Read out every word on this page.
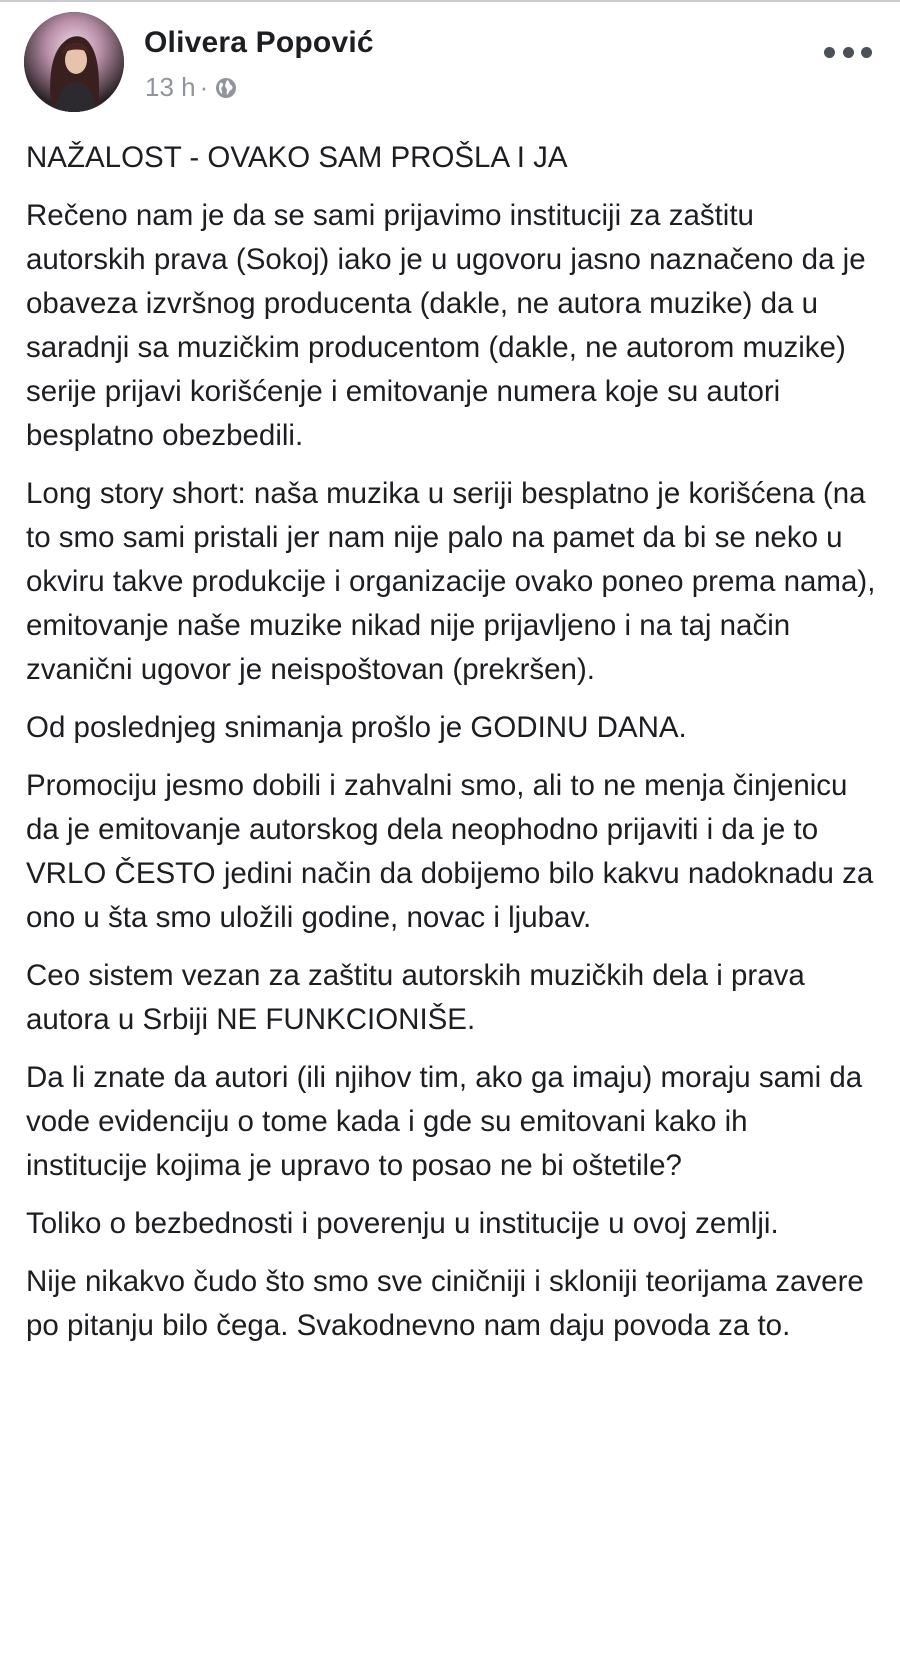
Olivera Popović
13 h ·

NAŽALOST - OVAKO SAM PROŠLA I JA

Rečeno nam je da se sami prijavimo instituciji za zaštitu autorskih prava (Sokoj) iako je u ugovoru jasno naznačeno da je obaveza izvršnog producenta (dakle, ne autora muzike) da u saradnji sa muzičkim producentom (dakle, ne autorom muzike) serije prijavi korišćenje i emitovanje numera koje su autori besplatno obezbedili.

Long story short: naša muzika u seriji besplatno je korišćena (na to smo sami pristali jer nam nije palo na pamet da bi se neko u okviru takve produkcije i organizacije ovako poneo prema nama), emitovanje naše muzike nikad nije prijavljeno i na taj način zvanični ugovor je neispoštovan (prekršen).

Od poslednjeg snimanja prošlo je GODINU DANA.

Promociju jesmo dobili i zahvalni smo, ali to ne menja činjenicu da je emitovanje autorskog dela neophodno prijaviti i da je to VRLO ČESTO jedini način da dobijemo bilo kakvu nadoknadu za ono u šta smo uložili godine, novac i ljubav.

Ceo sistem vezan za zaštitu autorskih muzičkih dela i prava autora u Srbiji NE FUNKCIONIŠE.

Da li znate da autori (ili njihov tim, ako ga imaju) moraju sami da vode evidenciju o tome kada i gde su emitovani kako ih institucije kojima je upravo to posao ne bi oštetile?

Toliko o bezbednosti i poverenju u institucije u ovoj zemlji.

Nije nikakvo čudo što smo sve ciničniji i skloniji teorijama zavere po pitanju bilo čega. Svakodnevno nam daju povoda za to.
